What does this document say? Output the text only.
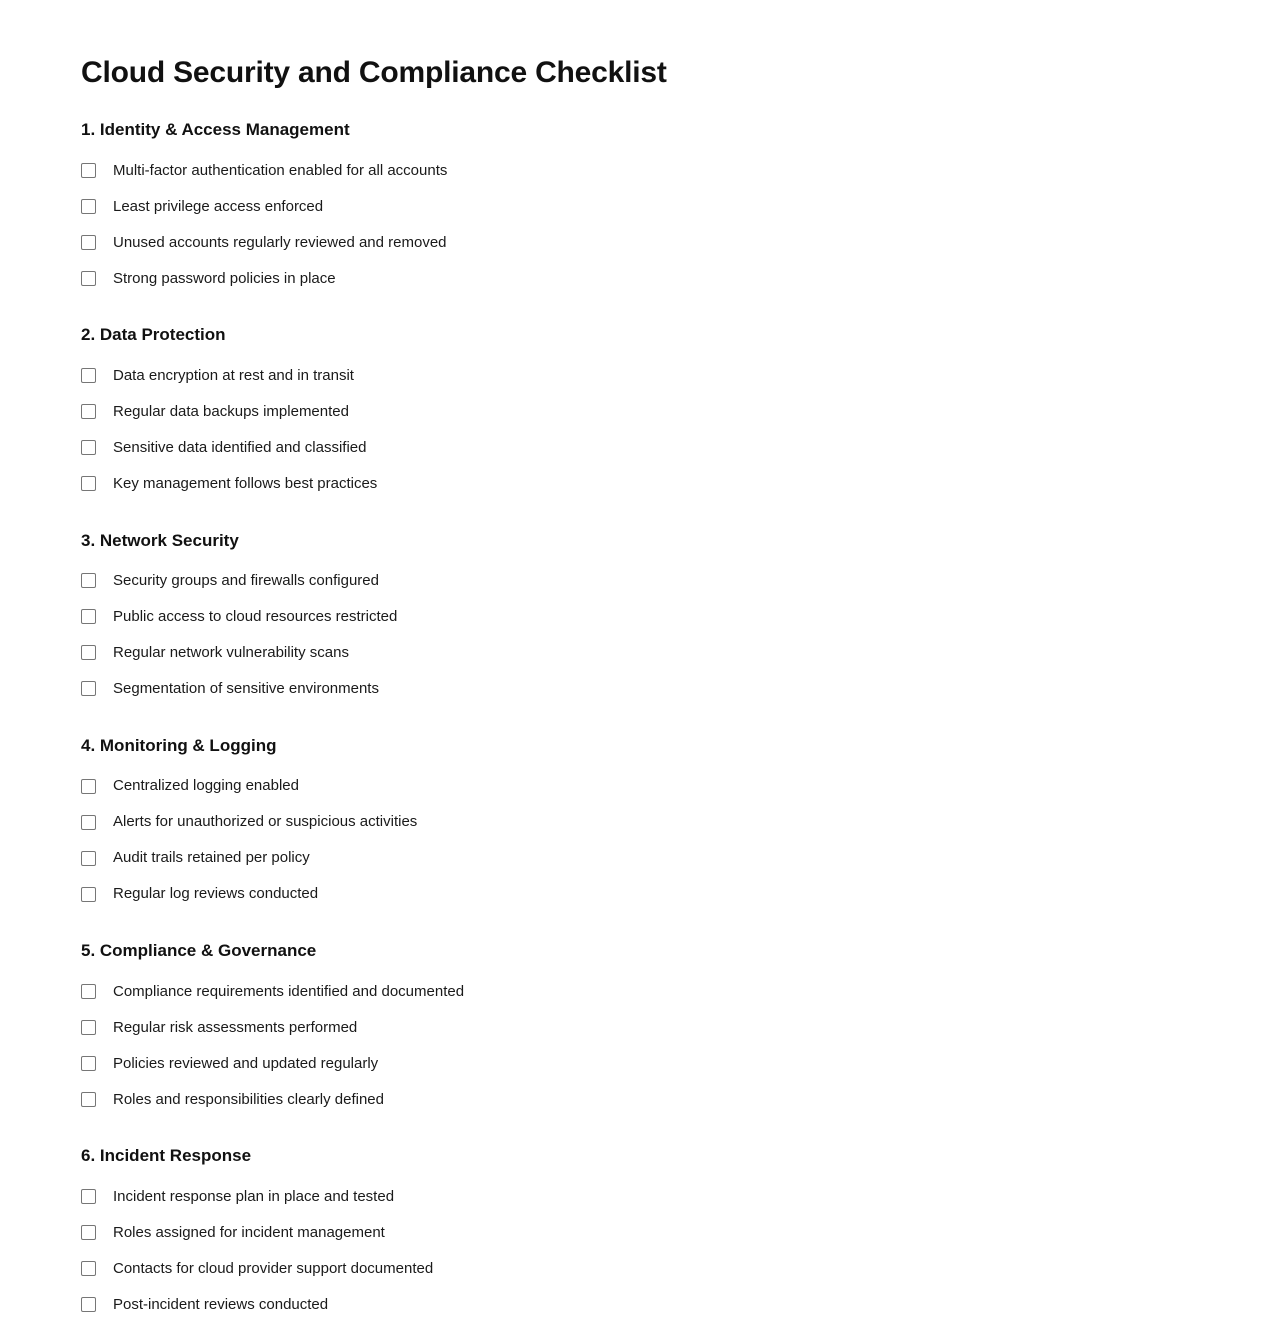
Cloud Security and Compliance Checklist
1. Identity & Access Management
Multi-factor authentication enabled for all accounts
Least privilege access enforced
Unused accounts regularly reviewed and removed
Strong password policies in place
2. Data Protection
Data encryption at rest and in transit
Regular data backups implemented
Sensitive data identified and classified
Key management follows best practices
3. Network Security
Security groups and firewalls configured
Public access to cloud resources restricted
Regular network vulnerability scans
Segmentation of sensitive environments
4. Monitoring & Logging
Centralized logging enabled
Alerts for unauthorized or suspicious activities
Audit trails retained per policy
Regular log reviews conducted
5. Compliance & Governance
Compliance requirements identified and documented
Regular risk assessments performed
Policies reviewed and updated regularly
Roles and responsibilities clearly defined
6. Incident Response
Incident response plan in place and tested
Roles assigned for incident management
Contacts for cloud provider support documented
Post-incident reviews conducted
